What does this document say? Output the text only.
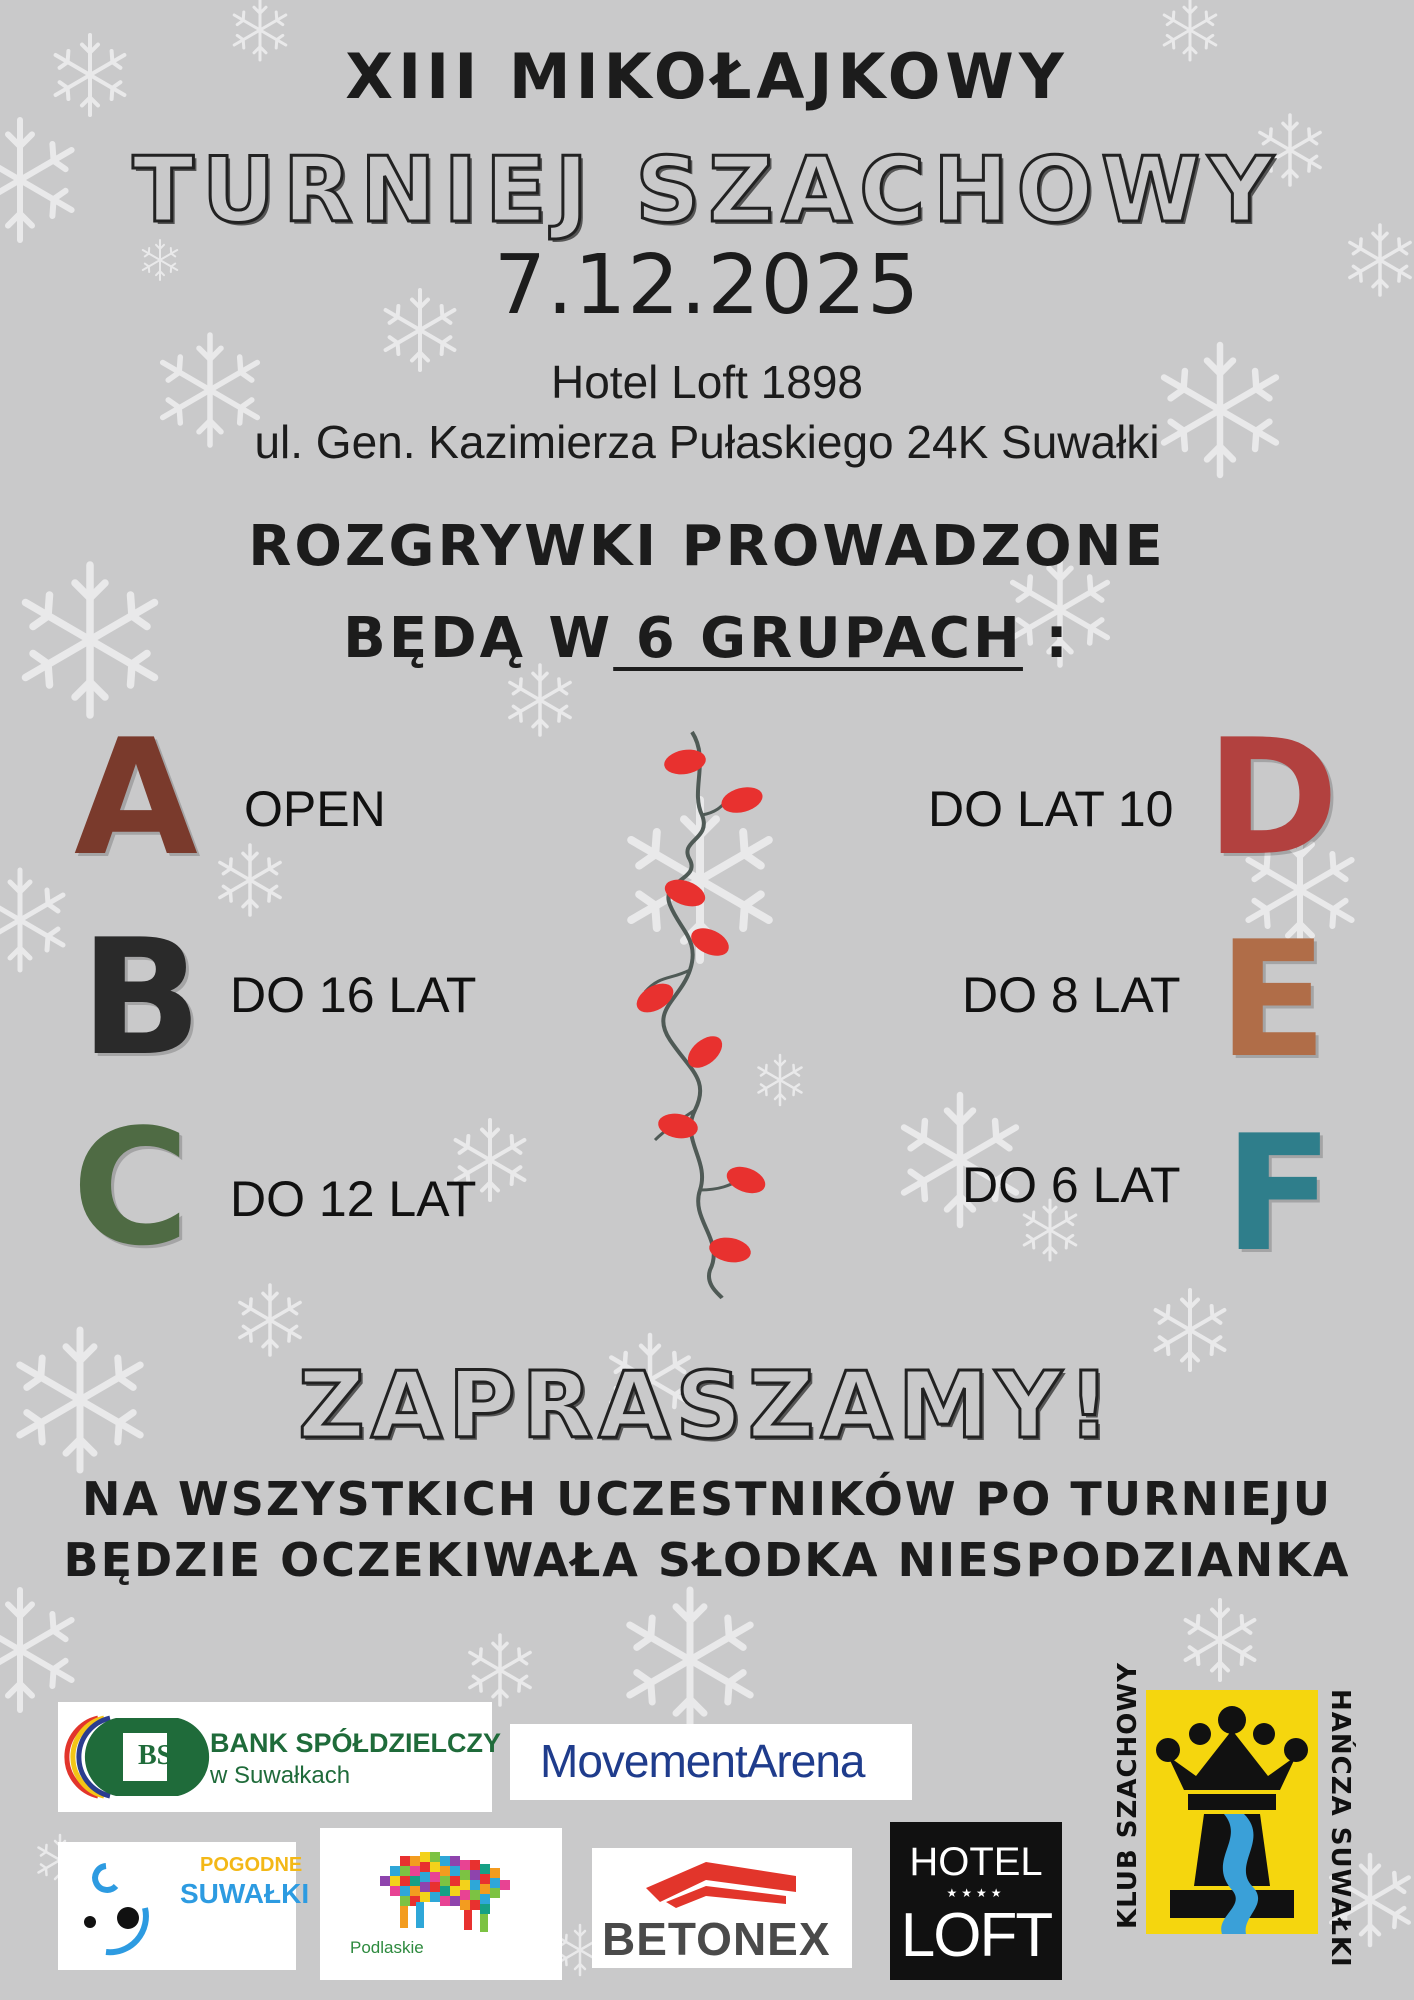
XIII MIKOŁAJKOWY
TURNIEJ SZACHOWY
7.12.2025
Hotel Loft 1898
ul. Gen. Kazimierza Pułaskiego 24K Suwałki
ROZGRYWKI PROWADZONE
BĘDĄ W 6 GRUPACH :
A OPEN
B DO 16 LAT
C DO 12 LAT
D
DO LAT 10
E
DO 8 LAT
F
DO 6 LAT
ZAPRASZAMY!
NA WSZYSTKICH UCZESTNIKÓW PO TURNIEJU
BĘDZIE OCZEKIWAŁA SŁODKA NIESPODZIANKA
BS BANK SPÓŁDZIELCZY
w Suwałkach	MovementArena
POGODNE
SUWAŁKI
Podlaskie	BETONEX
HOTEL
★★★★
LOFT
KLUB SZACHOWY	HAŃCZA SUWAŁKI
